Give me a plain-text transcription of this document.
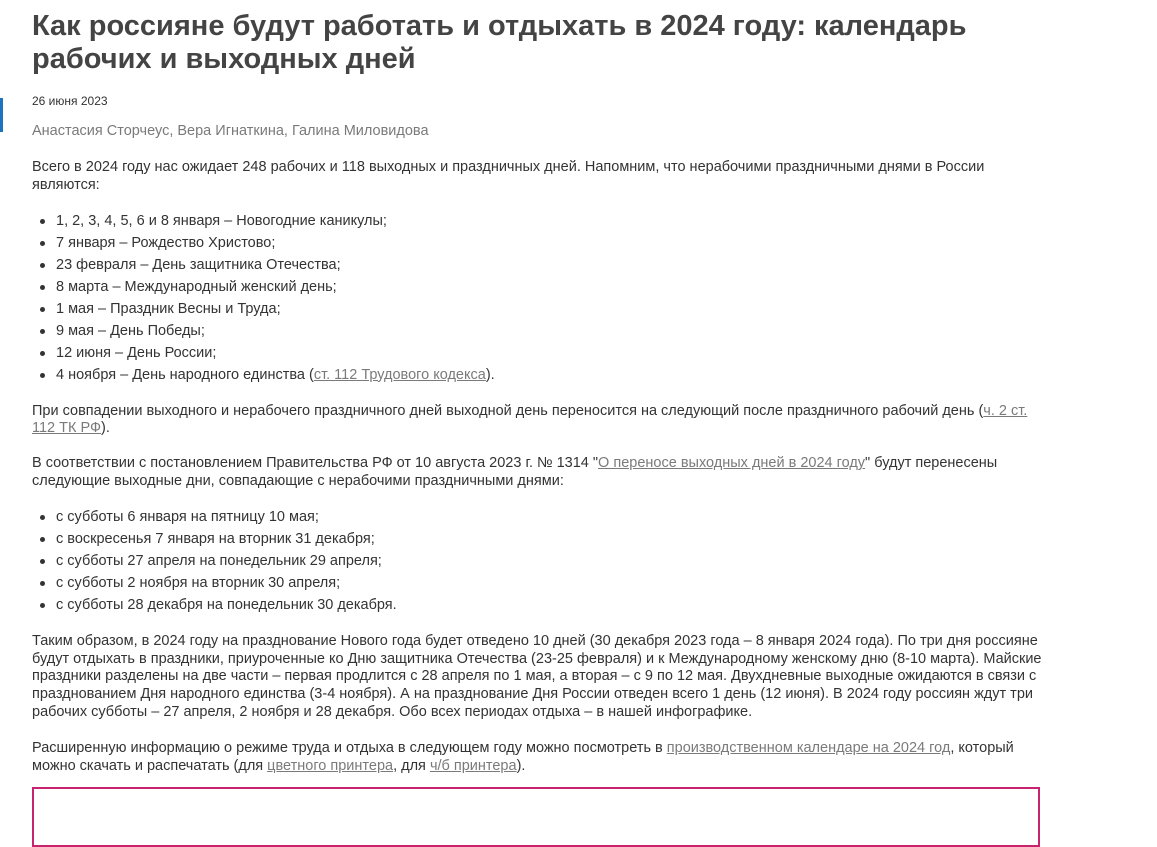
Как россияне будут работать и отдыхать в 2024 году: календарь рабочих и выходных дней
26 июня 2023
Анастасия Сторчеус, Вера Игнаткина, Галина Миловидова

Всего в 2024 году нас ожидает 248 рабочих и 118 выходных и праздничных дней. Напомним, что нерабочими праздничными днями в России являются:

1, 2, 3, 4, 5, 6 и 8 января – Новогодние каникулы;
7 января – Рождество Христово;
23 февраля – День защитника Отечества;
8 марта – Международный женский день;
1 мая – Праздник Весны и Труда;
9 мая – День Победы;
12 июня – День России;
4 ноября – День народного единства (ст. 112 Трудового кодекса).

При совпадении выходного и нерабочего праздничного дней выходной день переносится на следующий после праздничного рабочий день (ч. 2 ст. 112 ТК РФ).

В соответствии с постановлением Правительства РФ от 10 августа 2023 г. № 1314 "О переносе выходных дней в 2024 году" будут перенесены следующие выходные дни, совпадающие с нерабочими праздничными днями:

с субботы 6 января на пятницу 10 мая;
с воскресенья 7 января на вторник 31 декабря;
с субботы 27 апреля на понедельник 29 апреля;
с субботы 2 ноября на вторник 30 апреля;
с субботы 28 декабря на понедельник 30 декабря.

Таким образом, в 2024 году на празднование Нового года будет отведено 10 дней (30 декабря 2023 года – 8 января 2024 года). По три дня россияне будут отдыхать в праздники, приуроченные ко Дню защитника Отечества (23-25 февраля) и к Международному женскому дню (8-10 марта). Майские праздники разделены на две части – первая продлится с 28 апреля по 1 мая, а вторая – с 9 по 12 мая. Двухдневные выходные ожидаются в связи с празднованием Дня народного единства (3-4 ноября). А на празднование Дня России отведен всего 1 день (12 июня). В 2024 году россиян ждут три рабочих субботы – 27 апреля, 2 ноября и 28 декабря. Обо всех периодах отдыха – в нашей инфографике.

Расширенную информацию о режиме труда и отдыха в следующем году можно посмотреть в производственном календаре на 2024 год, который можно скачать и распечатать (для цветного принтера, для ч/б принтера).
